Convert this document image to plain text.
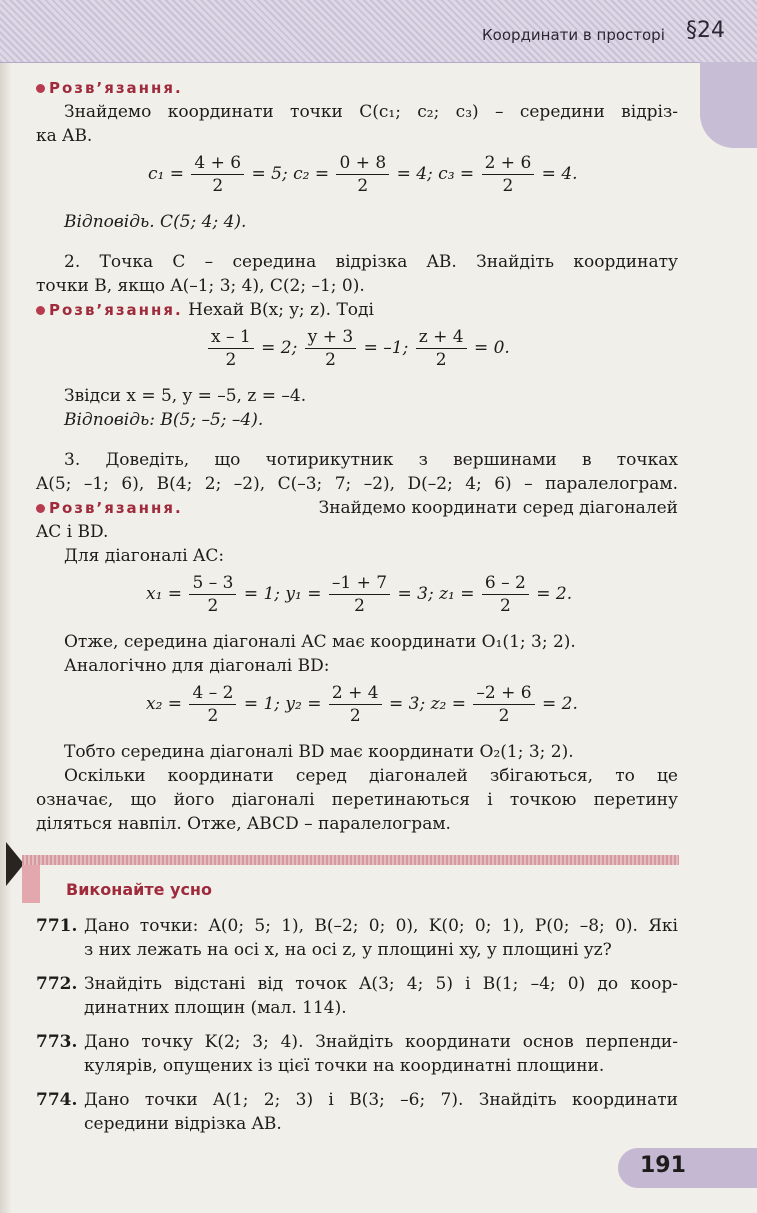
Координати в просторі §24
Розв’язання.
Знайдемо координати точки C(c₁; c₂; c₃) – середини відріз-
ка AB.
$c_1 = \frac{4 + 6}{2} = 5$; $c_2 = \frac{0 + 8}{2} = 4$; $c_3 = \frac{2 + 6}{2} = 4$.
Відповідь. C(5; 4; 4).
2. Точка C – середина відрізка AB. Знайдіть координату
точки B, якщо A(–1; 3; 4), C(2; –1; 0).
Розв’язання. Нехай B(x; y; z). Тоді
$\frac{x - 1}{2} = 2$; $\frac{y + 3}{2} = -1$; $\frac{z + 4}{2} = 0$.
Звідси x = 5, y = –5, z = –4.
Відповідь: B(5; –5; –4).
3. Доведіть, що чотирикутник з вершинами в точках
A(5; –1; 6), B(4; 2; –2), C(–3; 7; –2), D(–2; 4; 6) – паралелограм.
Розв’язання.	Знайдемо координати серед діагоналей
AC і BD.
Для діагоналі AC:
$x_1 = \frac{5 - 3}{2} = 1$; $y_1 = \frac{-1 + 7}{2} = 3$; $z_1 = \frac{6 - 2}{2} = 2$.
Отже, середина діагоналі AC має координати O₁(1; 3; 2).
Аналогічно для діагоналі BD:
$x_2 = \frac{4 - 2}{2} = 1$; $y_2 = \frac{2 + 4}{2} = 3$; $z_2 = \frac{-2 + 6}{2} = 2$.
Тобто середина діагоналі BD має координати O₂(1; 3; 2).
Оскільки координати серед діагоналей збігаються, то це
означає, що його діагоналі перетинаються і точкою перетину
діляться навпіл. Отже, ABCD – паралелограм.
Виконайте усно
771. Дано точки: A(0; 5; 1), B(–2; 0; 0), K(0; 0; 1), P(0; –8; 0). Які
з них лежать на осі x, на осі z, у площині xy, у площині yz?
772. Знайдіть відстані від точок A(3; 4; 5) і B(1; –4; 0) до коор-
динатних площин (мал. 114).
773. Дано точку K(2; 3; 4). Знайдіть координати основ перпенди-
кулярів, опущених із цієї точки на координатні площини.
774. Дано точки A(1; 2; 3) і B(3; –6; 7). Знайдіть координати
середини відрізка AB.
191
